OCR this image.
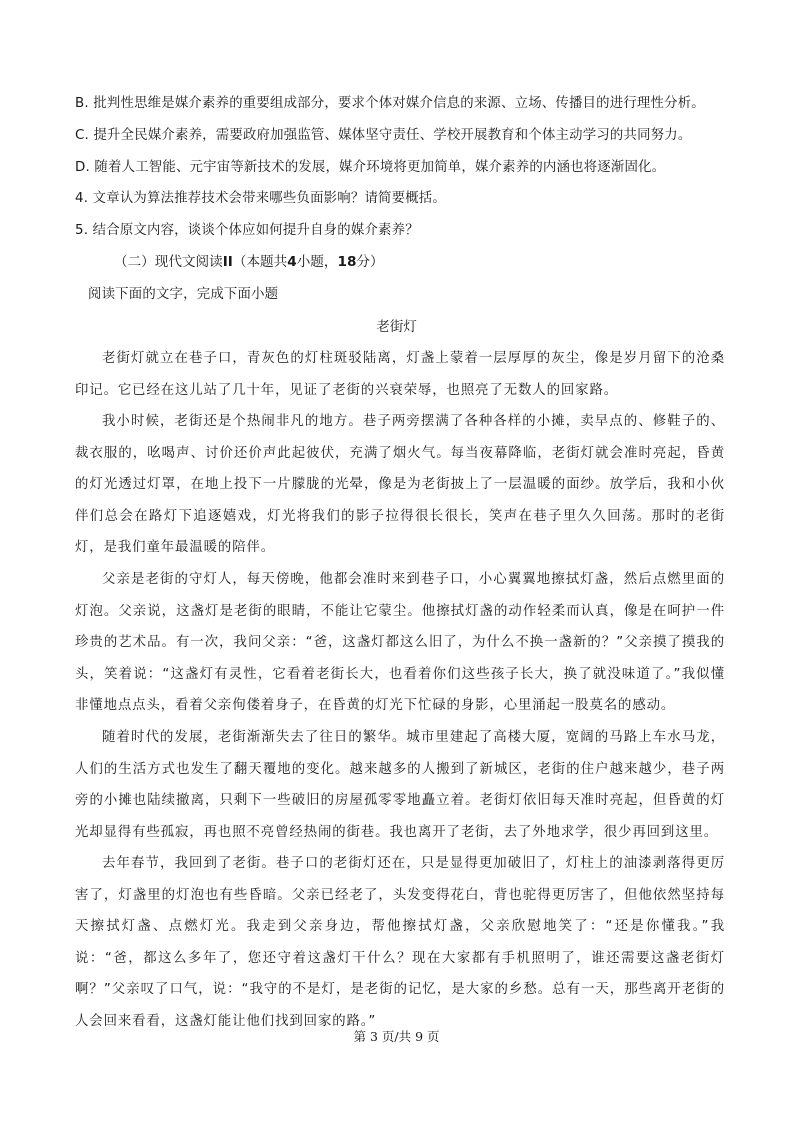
B. 批判性思维是媒介素养的重要组成部分，要求个体对媒介信息的来源、立场、传播目的进行理性分析。
C. 提升全民媒介素养，需要政府加强监管、媒体坚守责任、学校开展教育和个体主动学习的共同努力。
D. 随着人工智能、元宇宙等新技术的发展，媒介环境将更加简单，媒介素养的内涵也将逐渐固化。
4. 文章认为算法推荐技术会带来哪些负面影响？请简要概括。
5. 结合原文内容，谈谈个体应如何提升自身的媒介素养？
（二）现代文阅读II（本题共4小题，18分）
阅读下面的文字，完成下面小题
老街灯

老街灯就立在巷子口，青灰色的灯柱斑驳陆离，灯盏上蒙着一层厚厚的灰尘，像是岁月留下的沧桑印记。它已经在这儿站了几十年，见证了老街的兴衰荣辱，也照亮了无数人的回家路。

我小时候，老街还是个热闹非凡的地方。巷子两旁摆满了各种各样的小摊，卖早点的、修鞋子的、裁衣服的，吆喝声、讨价还价声此起彼伏，充满了烟火气。每当夜幕降临，老街灯就会准时亮起，昏黄的灯光透过灯罩，在地上投下一片朦胧的光晕，像是为老街披上了一层温暖的面纱。放学后，我和小伙伴们总会在路灯下追逐嬉戏，灯光将我们的影子拉得很长很长，笑声在巷子里久久回荡。那时的老街灯，是我们童年最温暖的陪伴。

父亲是老街的守灯人，每天傍晚，他都会准时来到巷子口，小心翼翼地擦拭灯盏，然后点燃里面的灯泡。父亲说，这盏灯是老街的眼睛，不能让它蒙尘。他擦拭灯盏的动作轻柔而认真，像是在呵护一件珍贵的艺术品。有一次，我问父亲：“爸，这盏灯都这么旧了，为什么不换一盏新的？”父亲摸了摸我的头，笑着说：“这盏灯有灵性，它看着老街长大，也看着你们这些孩子长大，换了就没味道了。”我似懂非懂地点点头，看着父亲佝偻着身子，在昏黄的灯光下忙碌的身影，心里涌起一股莫名的感动。

随着时代的发展，老街渐渐失去了往日的繁华。城市里建起了高楼大厦，宽阔的马路上车水马龙，人们的生活方式也发生了翻天覆地的变化。越来越多的人搬到了新城区，老街的住户越来越少，巷子两旁的小摊也陆续撤离，只剩下一些破旧的房屋孤零零地矗立着。老街灯依旧每天准时亮起，但昏黄的灯光却显得有些孤寂，再也照不亮曾经热闹的街巷。我也离开了老街，去了外地求学，很少再回到这里。

去年春节，我回到了老街。巷子口的老街灯还在，只是显得更加破旧了，灯柱上的油漆剥落得更厉害了，灯盏里的灯泡也有些昏暗。父亲已经老了，头发变得花白，背也驼得更厉害了，但他依然坚持每天擦拭灯盏、点燃灯光。我走到父亲身边，帮他擦拭灯盏，父亲欣慰地笑了：“还是你懂我。”我说：“爸，都这么多年了，您还守着这盏灯干什么？现在大家都有手机照明了，谁还需要这盏老街灯啊？”父亲叹了口气，说：“我守的不是灯，是老街的记忆，是大家的乡愁。总有一天，那些离开老街的人会回来看看，这盏灯能让他们找到回家的路。”

第 3 页/共 9 页
